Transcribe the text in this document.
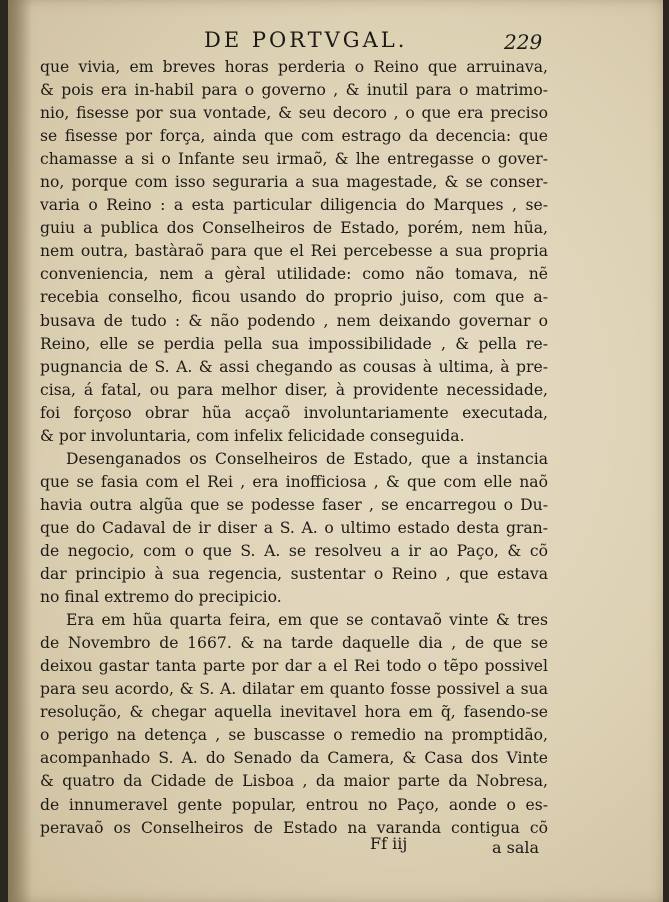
DE PORTVGAL.	229
que vivia, em breves horas perderia o Reino que arruinava,
& pois era in-habil para o governo , & inutil para o matrimo-
nio, fisesse por sua vontade, & seu decoro , o que era preciso
se fisesse por força, ainda que com estrago da decencia: que
chamasse a si o Infante seu irmaõ, & lhe entregasse o gover-
no, porque com isso seguraria a sua magestade, & se conser-
varia o Reino : a esta particular diligencia do Marques , se-
guiu a publica dos Conselheiros de Estado, porém, nem hũa,
nem outra, bastàraõ para que el Rei percebesse a sua propria
conveniencia, nem a gèral utilidade: como não tomava, nẽ
recebia conselho, ficou usando do proprio juiso, com que a-
busava de tudo : & não podendo , nem deixando governar o
Reino, elle se perdia pella sua impossibilidade , & pella re-
pugnancia de S. A. & assi chegando as cousas à ultima, à pre-
cisa, á fatal, ou para melhor diser, à providente necessidade,
foi forçoso obrar hũa acçaõ involuntariamente executada,
& por involuntaria, com infelix felicidade conseguida.
Desenganados os Conselheiros de Estado, que a instancia
que se fasia com el Rei , era inofficiosa , & que com elle naõ
havia outra algũa que se podesse faser , se encarregou o Du-
que do Cadaval de ir diser a S. A. o ultimo estado desta gran-
de negocio, com o que S. A. se resolveu a ir ao Paço, & cõ
dar principio à sua regencia, sustentar o Reino , que estava
no final extremo do precipicio.
Era em hũa quarta feira, em que se contavaõ vinte & tres
de Novembro de 1667. & na tarde daquelle dia , de que se
deixou gastar tanta parte por dar a el Rei todo o tẽpo possivel
para seu acordo, & S. A. dilatar em quanto fosse possivel a sua
resolução, & chegar aquella inevitavel hora em q̃, fasendo-se
o perigo na detença , se buscasse o remedio na promptidão,
acompanhado S. A. do Senado da Camera, & Casa dos Vinte
& quatro da Cidade de Lisboa , da maior parte da Nobresa,
de innumeravel gente popular, entrou no Paço, aonde o es-
peravaõ os Conselheiros de Estado na varanda contigua cõ
Ff iij	a sala
